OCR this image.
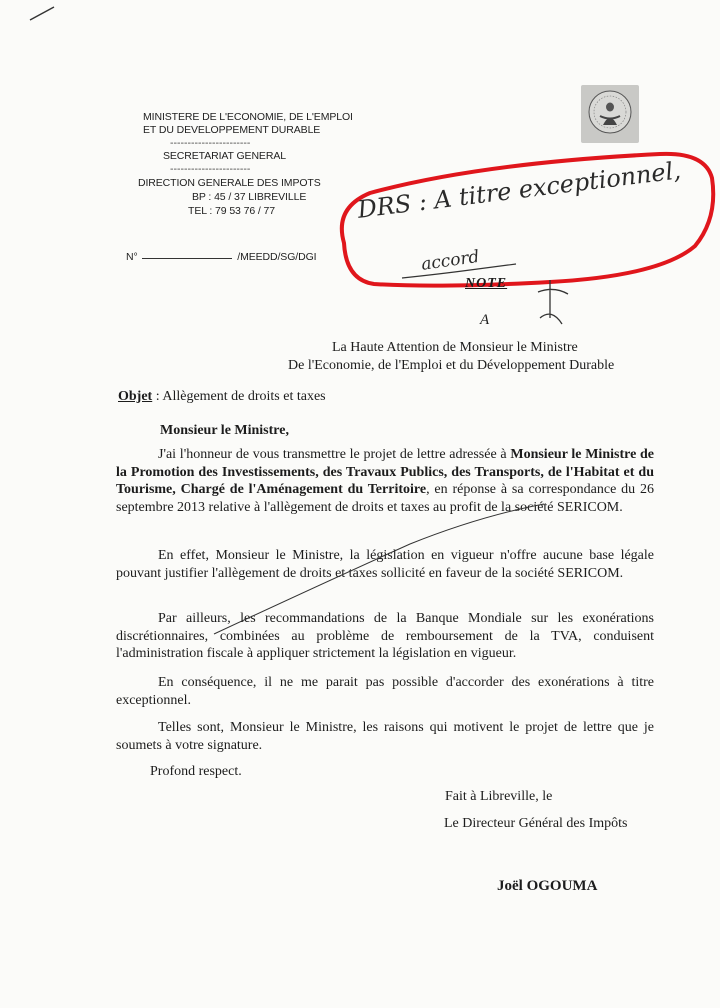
MINISTERE DE L'ECONOMIE, DE L'EMPLOI
ET DU DEVELOPPEMENT DURABLE
-----------------------
SECRETARIAT GENERAL
-----------------------
DIRECTION GENERALE DES IMPOTS
BP : 45 / 37 LIBREVILLE
TEL : 79 53 76 / 77
N°	/MEEDD/SG/DGI
DRS : A titre exceptionnel,
accord
NOTE
A
La Haute Attention de Monsieur le Ministre
De l'Economie, de l'Emploi et du Développement Durable
Objet : Allègement de droits et taxes
Monsieur le Ministre,
J'ai l'honneur de vous transmettre le projet de lettre adressée à Monsieur le Ministre de la Promotion des Investissements, des Travaux Publics, des Transports, de l'Habitat et du Tourisme, Chargé de l'Aménagement du Territoire, en réponse à sa correspondance du 26 septembre 2013 relative à l'allègement de droits et taxes au profit de la société SERICOM.
En effet, Monsieur le Ministre, la législation en vigueur n'offre aucune base légale pouvant justifier l'allègement de droits et taxes sollicité en faveur de la société SERICOM.
Par ailleurs, les recommandations de la Banque Mondiale sur les exonérations discrétionnaires, combinées au problème de remboursement de la TVA, conduisent l'administration fiscale à appliquer strictement la législation en vigueur.
En conséquence, il ne me parait pas possible d'accorder des exonérations à titre exceptionnel.
Telles sont, Monsieur le Ministre, les raisons qui motivent le projet de lettre que je soumets à votre signature.
Profond respect.
Fait à Libreville, le
Le Directeur Général des Impôts
Joël OGOUMA
